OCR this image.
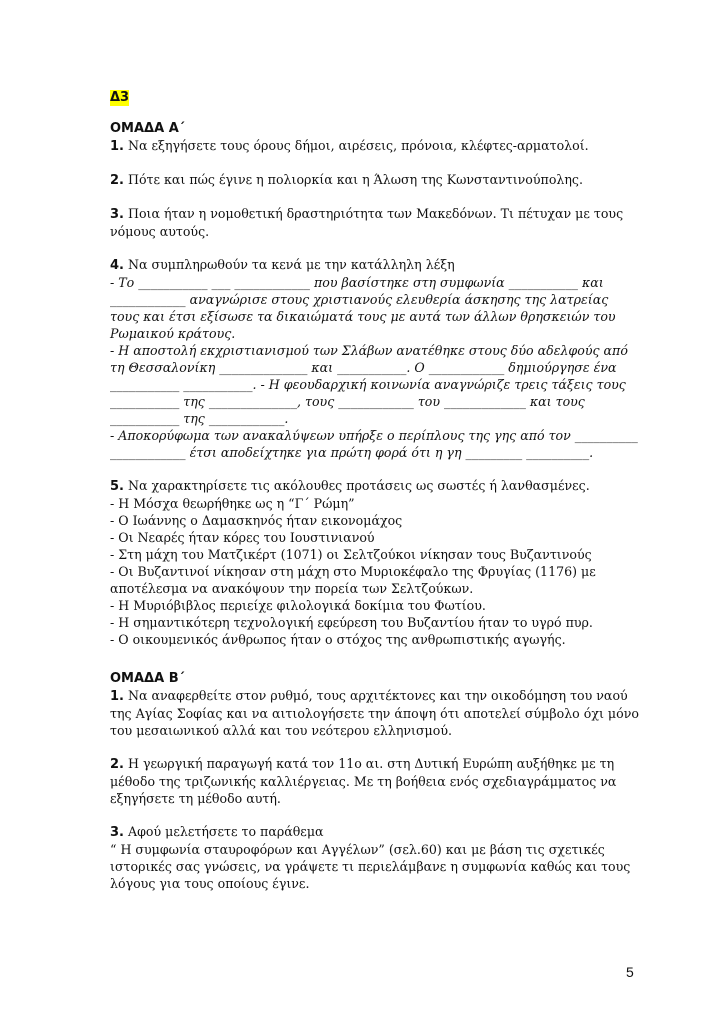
Δ3
ΟΜΑΔΑ Α΄

1. Να εξηγήσετε τους όρους δήμοι, αιρέσεις, πρόνοια, κλέφτες-αρματολοί.

2. Πότε και πώς έγινε η πολιορκία και η Άλωση της Κωνσταντινούπολης.

3. Ποια ήταν η νομοθετική δραστηριότητα των Μακεδόνων. Τι πέτυχαν με τους νόμους αυτούς.

4. Να συμπληρωθούν τα κενά με την κατάλληλη λέξη

- Το ___________ ___ ____________ που βασίστηκε στη συμφωνία ___________ και ____________ αναγνώρισε στους χριστιανούς ελευθερία άσκησης της λατρείας τους και έτσι εξίσωσε τα δικαιώματά τους με αυτά των άλλων θρησκειών του Ρωμαικού κράτους.

- Η αποστολή εκχριστιανισμού των Σλάβων ανατέθηκε στους δύο αδελφούς από τη Θεσσαλονίκη ______________ και ___________. Ο ____________ δημιούργησε ένα ___________ ___________. - Η φεουδαρχική κοινωνία αναγνώριζε τρεις τάξεις τους ___________ της ______________, τους ____________ του _____________ και τους ___________ της ____________.

- Αποκορύφωμα των ανακαλύψεων υπήρξε ο περίπλους της γης από τον __________ ____________ έτσι αποδείχτηκε για πρώτη φορά ότι η γη _________ __________.

5. Να χαρακτηρίσετε τις ακόλουθες προτάσεις ως σωστές ή λανθασμένες.

- Η Μόσχα θεωρήθηκε ως η “Γ΄ Ρώμη”

- Ο Ιωάννης ο Δαμασκηνός ήταν εικονομάχος

- Οι Νεαρές ήταν κόρες του Ιουστινιανού

- Στη μάχη του Ματζικέρτ (1071) οι Σελτζούκοι νίκησαν τους Βυζαντινούς

- Οι Βυζαντινοί νίκησαν στη μάχη στο Μυριοκέφαλο της Φρυγίας (1176) με αποτέλεσμα να ανακόψουν την πορεία των Σελτζούκων.

- Η Μυριόβιβλος περιείχε φιλολογικά δοκίμια του Φωτίου.

- Η σημαντικότερη τεχνολογική εφεύρεση του Βυζαντίου ήταν το υγρό πυρ.

- Ο οικουμενικός άνθρωπος ήταν ο στόχος της ανθρωπιστικής αγωγής.

ΟΜΑΔΑ Β΄

1. Να αναφερθείτε στον ρυθμό, τους αρχιτέκτονες και την οικοδόμηση του ναού της Αγίας Σοφίας και να αιτιολογήσετε την άποψη ότι αποτελεί σύμβολο όχι μόνο του μεσαιωνικού αλλά και του νεότερου ελληνισμού.

2. Η γεωργική παραγωγή κατά τον 11ο αι. στη Δυτική Ευρώπη αυξήθηκε με τη μέθοδο της τριζωνικής καλλιέργειας. Με τη βοήθεια ενός σχεδιαγράμματος να εξηγήσετε τη μέθοδο αυτή.

3. Αφού μελετήσετε το παράθεμα

“ Η συμφωνία σταυροφόρων και Αγγέλων” (σελ.60) και με βάση τις σχετικές ιστορικές σας γνώσεις, να γράψετε τι περιελάμβανε η συμφωνία καθώς και τους λόγους για τους οποίους έγινε.

5
